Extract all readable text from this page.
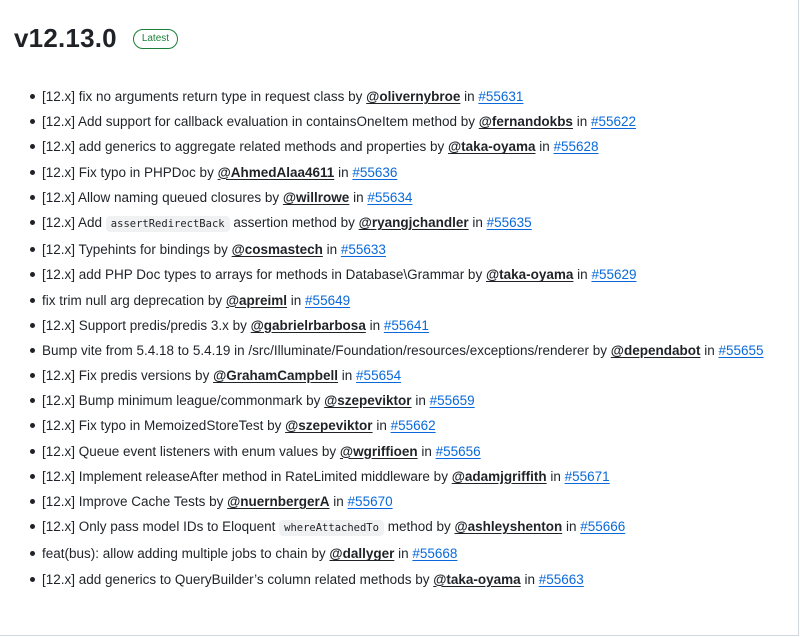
v12.13.0	Latest
[12.x] fix no arguments return type in request class by @olivernybroe in #55631
[12.x] Add support for callback evaluation in containsOneItem method by @fernandokbs in #55622
[12.x] add generics to aggregate related methods and properties by @taka-oyama in #55628
[12.x] Fix typo in PHPDoc by @AhmedAlaa4611 in #55636
[12.x] Allow naming queued closures by @willrowe in #55634
[12.x] Add assertRedirectBack assertion method by @ryangjchandler in #55635
[12.x] Typehints for bindings by @cosmastech in #55633
[12.x] add PHP Doc types to arrays for methods in Database\Grammar by @taka-oyama in #55629
fix trim null arg deprecation by @apreiml in #55649
[12.x] Support predis/predis 3.x by @gabrielrbarbosa in #55641
Bump vite from 5.4.18 to 5.4.19 in /src/Illuminate/Foundation/resources/exceptions/renderer by @dependabot in #55655
[12.x] Fix predis versions by @GrahamCampbell in #55654
[12.x] Bump minimum league/commonmark by @szepeviktor in #55659
[12.x] Fix typo in MemoizedStoreTest by @szepeviktor in #55662
[12.x] Queue event listeners with enum values by @wgriffioen in #55656
[12.x] Implement releaseAfter method in RateLimited middleware by @adamjgriffith in #55671
[12.x] Improve Cache Tests by @nuernbergerA in #55670
[12.x] Only pass model IDs to Eloquent whereAttachedTo method by @ashleyshenton in #55666
feat(bus): allow adding multiple jobs to chain by @dallyger in #55668
[12.x] add generics to QueryBuilder’s column related methods by @taka-oyama in #55663
